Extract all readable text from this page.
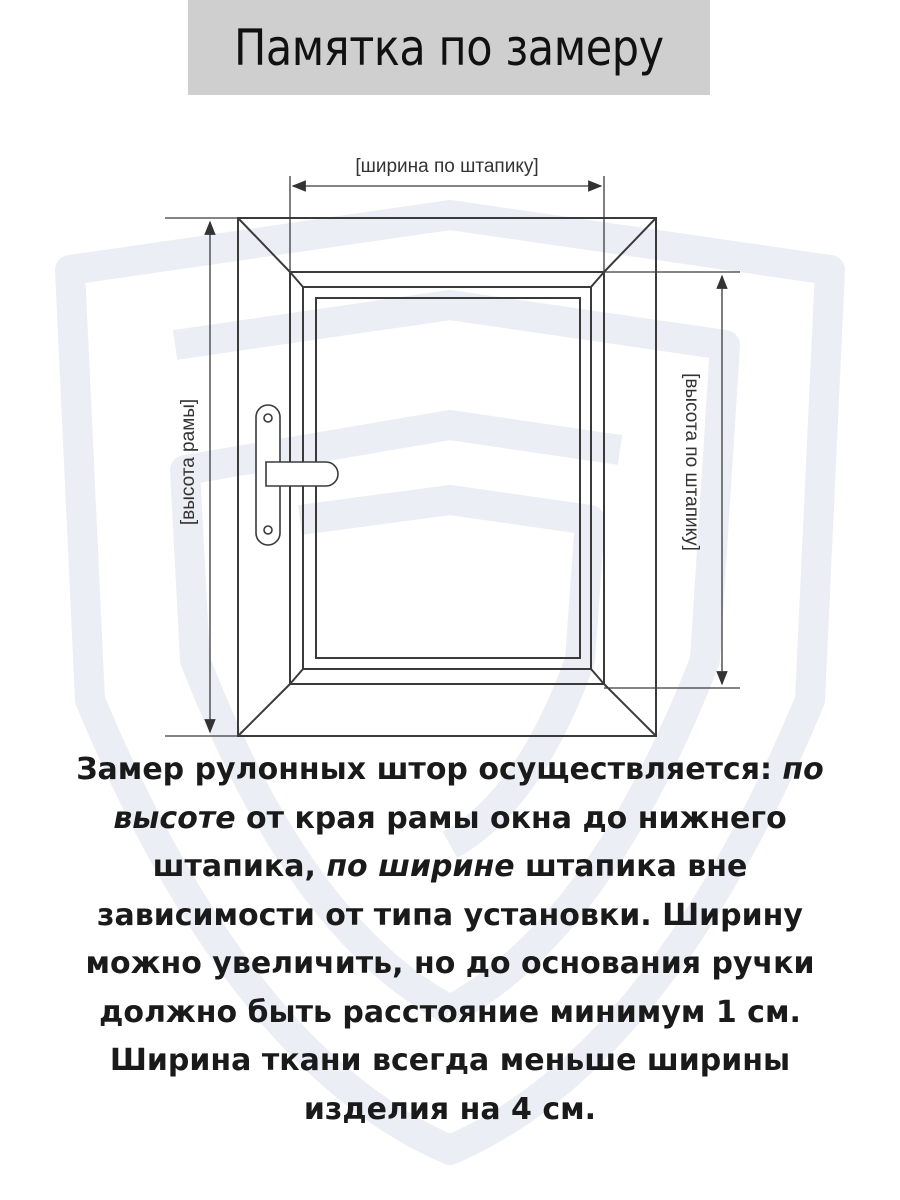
Памятка по замеру
[ширина по штапику]
[высота рамы]	[высота по штапику]
Замер рулонных штор осуществляется: по высоте от края рамы окна до нижнего штапика, по ширине штапика вне зависимости от типа установки. Ширину можно увеличить, но до основания ручки должно быть расстояние минимум 1 см. Ширина ткани всегда меньше ширины изделия на 4 см.
